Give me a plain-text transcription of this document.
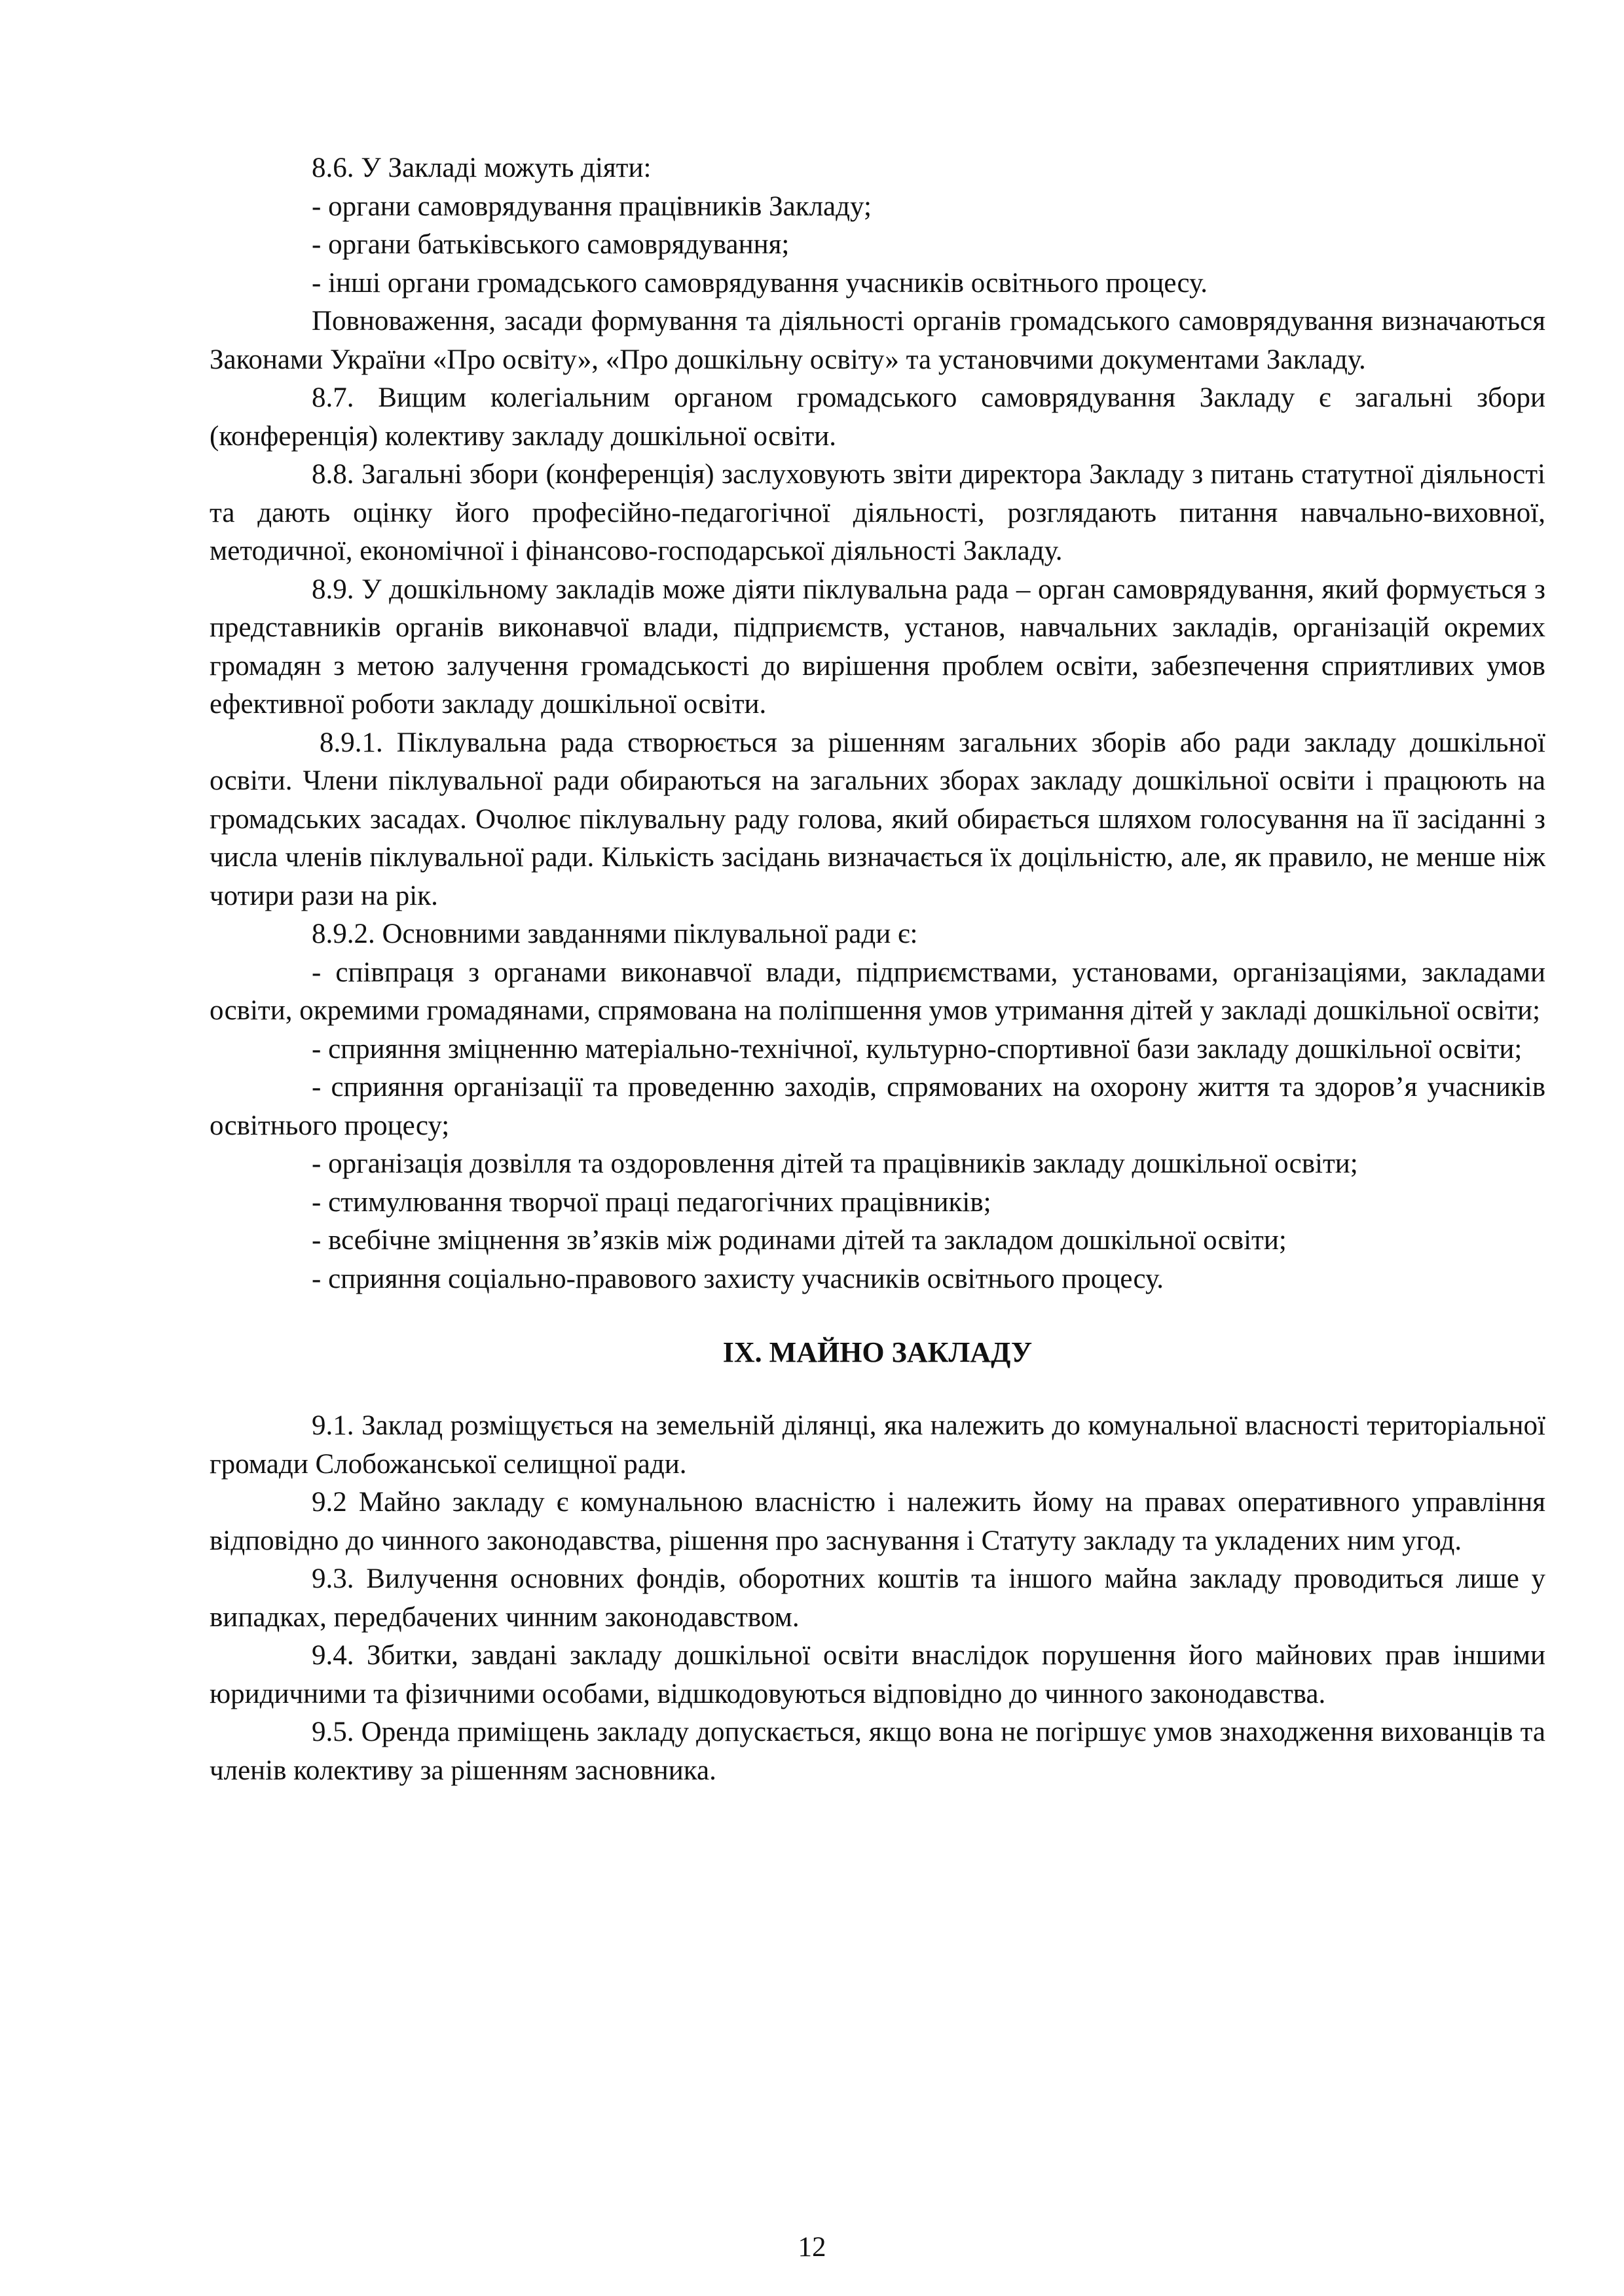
8.6. У Закладі можуть діяти:

- органи самоврядування працівників Закладу;

- органи батьківського самоврядування;

- інші органи громадського самоврядування учасників освітнього процесу.

Повноваження, засади формування та діяльності органів громадського самоврядування визначаються Законами України «Про освіту», «Про дошкільну освіту» та установчими документами Закладу.

8.7. Вищим колегіальним органом громадського самоврядування Закладу є загальні збори (конференція) колективу закладу дошкільної освіти.

8.8. Загальні збори (конференція) заслуховують звіти директора Закладу з питань статутної діяльності та дають оцінку його професійно-педагогічної діяльності, розглядають питання навчально-виховної, методичної, економічної і фінансово-господарської діяльності Закладу.

8.9. У дошкільному закладів може діяти піклувальна рада – орган самоврядування, який формується з представників органів виконавчої влади, підприємств, установ, навчальних закладів, організацій окремих громадян з метою залучення громадськості до вирішення проблем освіти, забезпечення сприятливих умов ефективної роботи закладу дошкільної освіти.

8.9.1. Піклувальна рада створюється за рішенням загальних зборів або ради закладу дошкільної освіти. Члени піклувальної ради обираються на загальних зборах закладу дошкільної освіти і працюють на громадських засадах. Очолює піклувальну раду голова, який обирається шляхом голосування на її засіданні з числа членів піклувальної ради. Кількість засідань визначається їх доцільністю, але, як правило, не менше ніж чотири рази на рік.

8.9.2. Основними завданнями піклувальної ради є:

- співпраця з органами виконавчої влади, підприємствами, установами, організаціями, закладами освіти, окремими громадянами, спрямована на поліпшення умов утримання дітей у закладі дошкільної освіти;

- сприяння зміцненню матеріально-технічної, культурно-спортивної бази закладу дошкільної освіти;

- сприяння організації та проведенню заходів, спрямованих на охорону життя та здоров’я учасників освітнього процесу;

- організація дозвілля та оздоровлення дітей та працівників закладу дошкільної освіти;

- стимулювання творчої праці педагогічних працівників;

- всебічне зміцнення зв’язків між родинами дітей та закладом дошкільної освіти;

- сприяння соціально-правового захисту учасників освітнього процесу.

IX. МАЙНО ЗАКЛАДУ

9.1. Заклад розміщується на земельній ділянці, яка належить до комунальної власності територіальної громади Слобожанської селищної ради.

9.2 Майно закладу є комунальною власністю і належить йому на правах оперативного управління відповідно до чинного законодавства, рішення про заснування і Статуту закладу та укладених ним угод.

9.3. Вилучення основних фондів, оборотних коштів та іншого майна закладу проводиться лише у випадках, передбачених чинним законодавством.

9.4. Збитки, завдані закладу дошкільної освіти внаслідок порушення його майнових прав іншими юридичними та фізичними особами, відшкодовуються відповідно до чинного законодавства.

9.5. Оренда приміщень закладу допускається, якщо вона не погіршує умов знаходження вихованців та членів колективу за рішенням засновника.

12
